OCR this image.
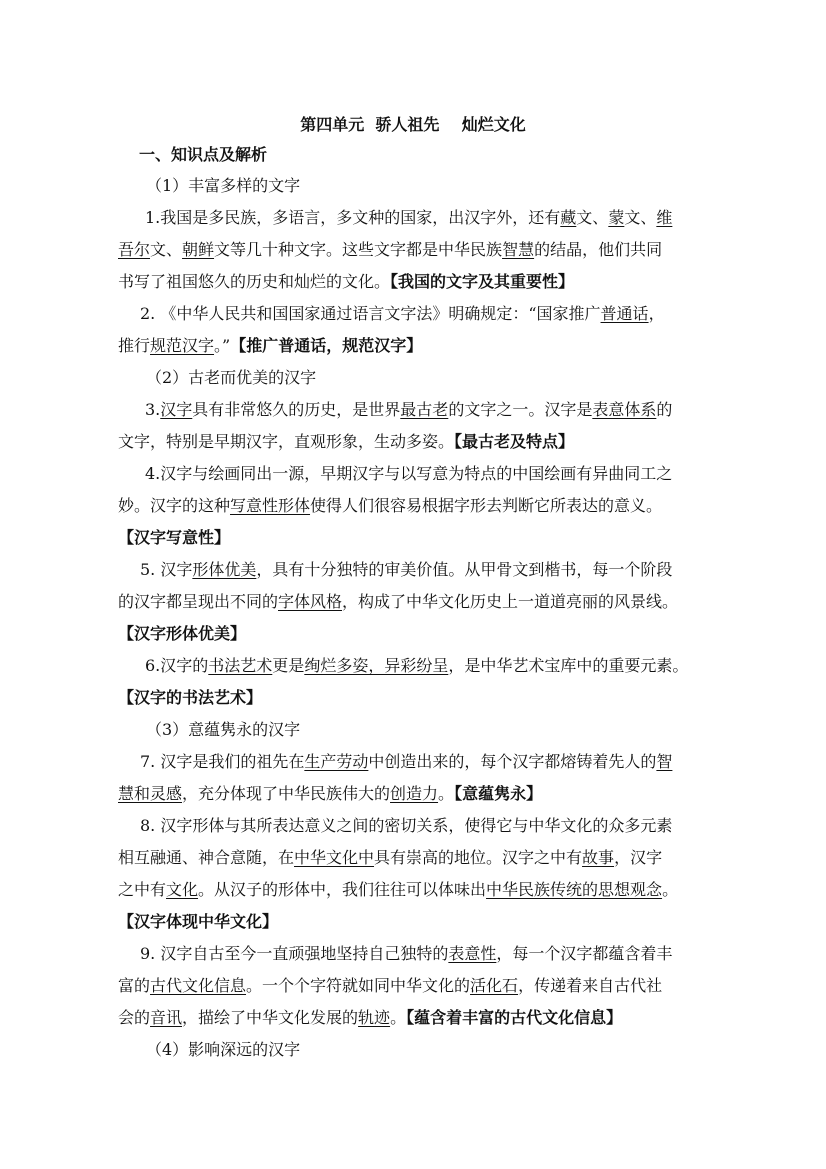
第四单元  骄人祖先    灿烂文化
一、知识点及解析
（1）丰富多样的文字
1.我国是多民族，多语言，多文种的国家，出汉字外，还有藏文、蒙文、维
吾尔文、朝鲜文等几十种文字。这些文字都是中华民族智慧的结晶，他们共同
书写了祖国悠久的历史和灿烂的文化。【我国的文字及其重要性】
2. 《中华人民共和国国家通过语言文字法》明确规定：“国家推广普通话，
推行规范汉字。”【推广普通话，规范汉字】
（2）古老而优美的汉字
3.汉字具有非常悠久的历史，是世界最古老的文字之一。汉字是表意体系的
文字，特别是早期汉字，直观形象，生动多姿。【最古老及特点】
4.汉字与绘画同出一源，早期汉字与以写意为特点的中国绘画有异曲同工之
妙。汉字的这种写意性形体使得人们很容易根据字形去判断它所表达的意义。
【汉字写意性】
5. 汉字形体优美，具有十分独特的审美价值。从甲骨文到楷书，每一个阶段
的汉字都呈现出不同的字体风格，构成了中华文化历史上一道道亮丽的风景线。
【汉字形体优美】
6.汉字的书法艺术更是绚烂多姿，异彩纷呈，是中华艺术宝库中的重要元素。
【汉字的书法艺术】
（3）意蕴隽永的汉字
7. 汉字是我们的祖先在生产劳动中创造出来的，每个汉字都熔铸着先人的智
慧和灵感，充分体现了中华民族伟大的创造力。【意蕴隽永】
8. 汉字形体与其所表达意义之间的密切关系，使得它与中华文化的众多元素
相互融通、神合意随，在中华文化中具有崇高的地位。汉字之中有故事，汉字
之中有文化。从汉子的形体中，我们往往可以体味出中华民族传统的思想观念。
【汉字体现中华文化】
9. 汉字自古至今一直顽强地坚持自己独特的表意性，每一个汉字都蕴含着丰
富的古代文化信息。一个个字符就如同中华文化的活化石，传递着来自古代社
会的音讯，描绘了中华文化发展的轨迹。【蕴含着丰富的古代文化信息】
（4）影响深远的汉字
